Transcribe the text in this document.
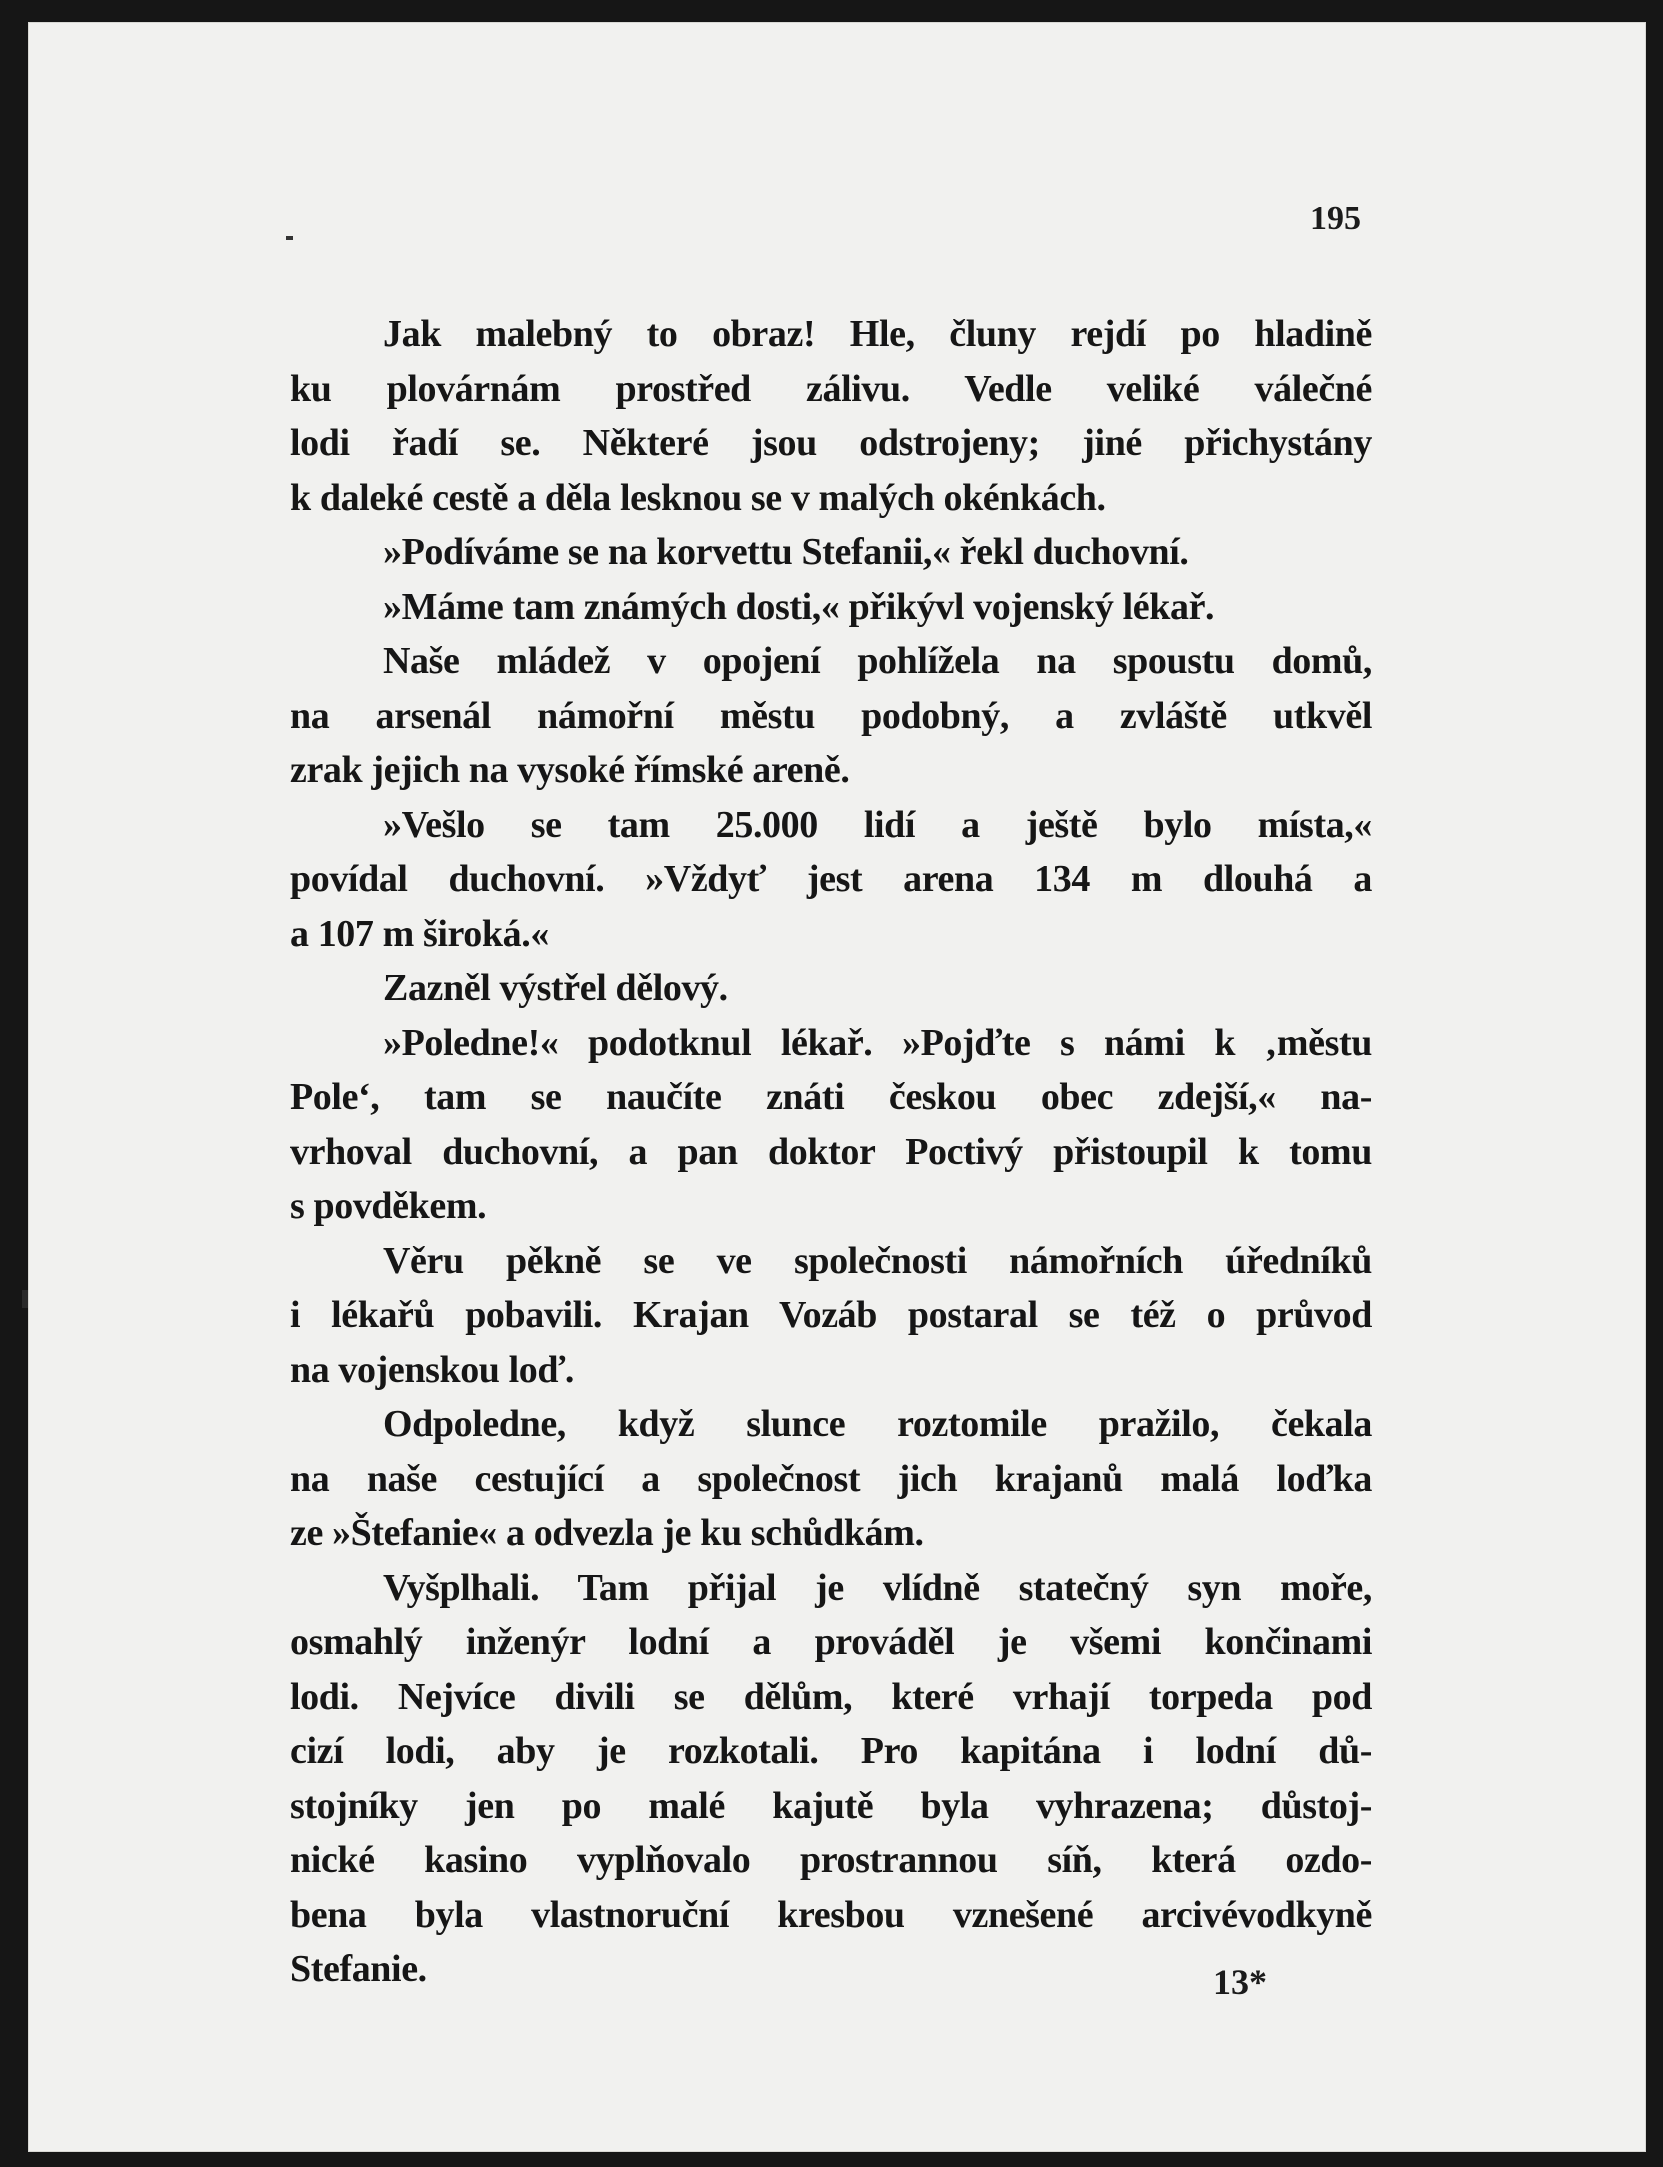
195

Jak malebný to obraz! Hle, čluny rejdí po hladině
ku plovárnám prostřed zálivu. Vedle veliké válečné
lodi řadí se. Některé jsou odstrojeny; jiné přichystány
k daleké cestě a děla lesknou se v malých okénkách.

»Podíváme se na korvettu Stefanii,« řekl duchovní.

»Máme tam známých dosti,« přikývl vojenský lékař.

Naše mládež v opojení pohlížela na spoustu domů,
na arsenál námořní městu podobný, a zvláště utkvěl
zrak jejich na vysoké římské areně.

»Vešlo se tam 25.000 lidí a ještě bylo místa,«
povídal duchovní. »Vždyť jest arena 134 m dlouhá a
a 107 m široká.«

Zazněl výstřel dělový.

»Poledne!« podotknul lékař. »Pojďte s námi k ‚městu
Pole‘, tam se naučíte znáti českou obec zdejší,« na-
vrhoval duchovní, a pan doktor Poctivý přistoupil k tomu
s povděkem.

Věru pěkně se ve společnosti námořních úředníků
i lékařů pobavili. Krajan Vozáb postaral se též o průvod
na vojenskou loď.

Odpoledne, když slunce roztomile pražilo, čekala
na naše cestující a společnost jich krajanů malá loďka
ze »Štefanie« a odvezla je ku schůdkám.

Vyšplhali. Tam přijal je vlídně statečný syn moře,
osmahlý inženýr lodní a prováděl je všemi končinami
lodi. Nejvíce divili se dělům, které vrhají torpeda pod
cizí lodi, aby je rozkotali. Pro kapitána i lodní dů-
stojníky jen po malé kajutě byla vyhrazena; důstoj-
nické kasino vyplňovalo prostrannou síň, která ozdo-
bena byla vlastnoruční kresbou vznešené arcivévodkyně
Stefanie.	13*
